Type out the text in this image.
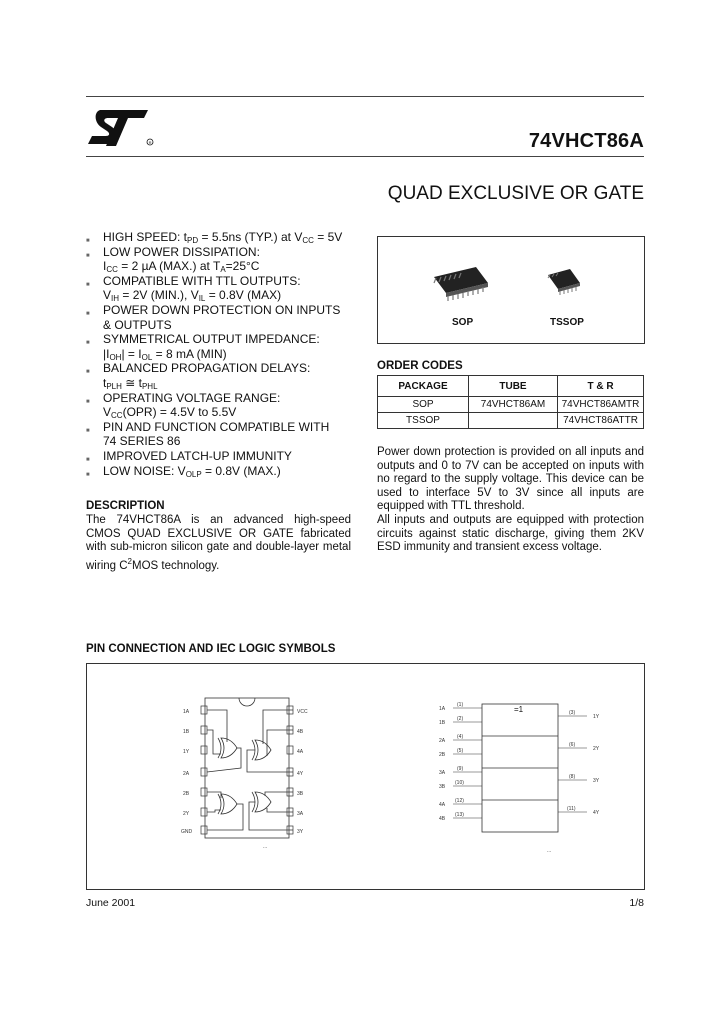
R	74VHCT86A
QUAD EXCLUSIVE OR GATE
■ HIGH SPEED: $t_{PD} = 5.5ns$ (TYP.) at $V_{CC} = 5V$
■ LOW POWER DISSIPATION:
$I_{CC} = 2$ µA (MAX.) at $T_A=25^\circ C$
■ COMPATIBLE WITH TTL OUTPUTS:
$V_{IH} = 2V$ (MIN.), $V_{IL} = 0.8V$ (MAX)
■ POWER DOWN PROTECTION ON INPUTS
& OUTPUTS
■ SYMMETRICAL OUTPUT IMPEDANCE:
$|I_{OH}| = I_{OL} = 8$ mA (MIN)
■ BALANCED PROPAGATION DELAYS:
$t_{PLH}$ ≅ $t_{PHL}$
■ OPERATING VOLTAGE RANGE:
$V_{CC}(OPR) = 4.5V$ to 5.5V
■ PIN AND FUNCTION COMPATIBLE WITH
74 SERIES 86
■ IMPROVED LATCH-UP IMMUNITY
■ LOW NOISE: $V_{OLP} = 0.8V$ (MAX.)
DESCRIPTION
The 74VHCT86A is an advanced high-speed CMOS QUAD EXCLUSIVE OR GATE fabricated with sub-micron silicon gate and double-layer metal wiring $C^2MOS$ technology.
SOP	TSSOP
ORDER CODES
PACKAGE	TUBE	T & R
SOP	74VHCT86AM	74VHCT86AMTR
TSSOP		74VHCT86ATTR
Power down protection is provided on all inputs and outputs and 0 to 7V can be accepted on inputs with no regard to the supply voltage. This device can be used to interface 5V to 3V since all inputs are equipped with TTL threshold.
All inputs and outputs are equipped with protection circuits against static discharge, giving them 2KV ESD immunity and transient excess voltage.
PIN CONNECTION AND IEC LOGIC SYMBOLS
1A
1B
1Y
2A
2B
2Y
GND
VCC
4B
4A
4Y
3B
3A
3Y
...
1A
(1)
1B
(2)
2A
(4)
2B
(5)
3A
(9)
3B
(10)
4A
(12)
4B
(13)
(3)
1Y
(6)
2Y
(8)
3Y
(11)
4Y
...
=1
June 2001	1/8
